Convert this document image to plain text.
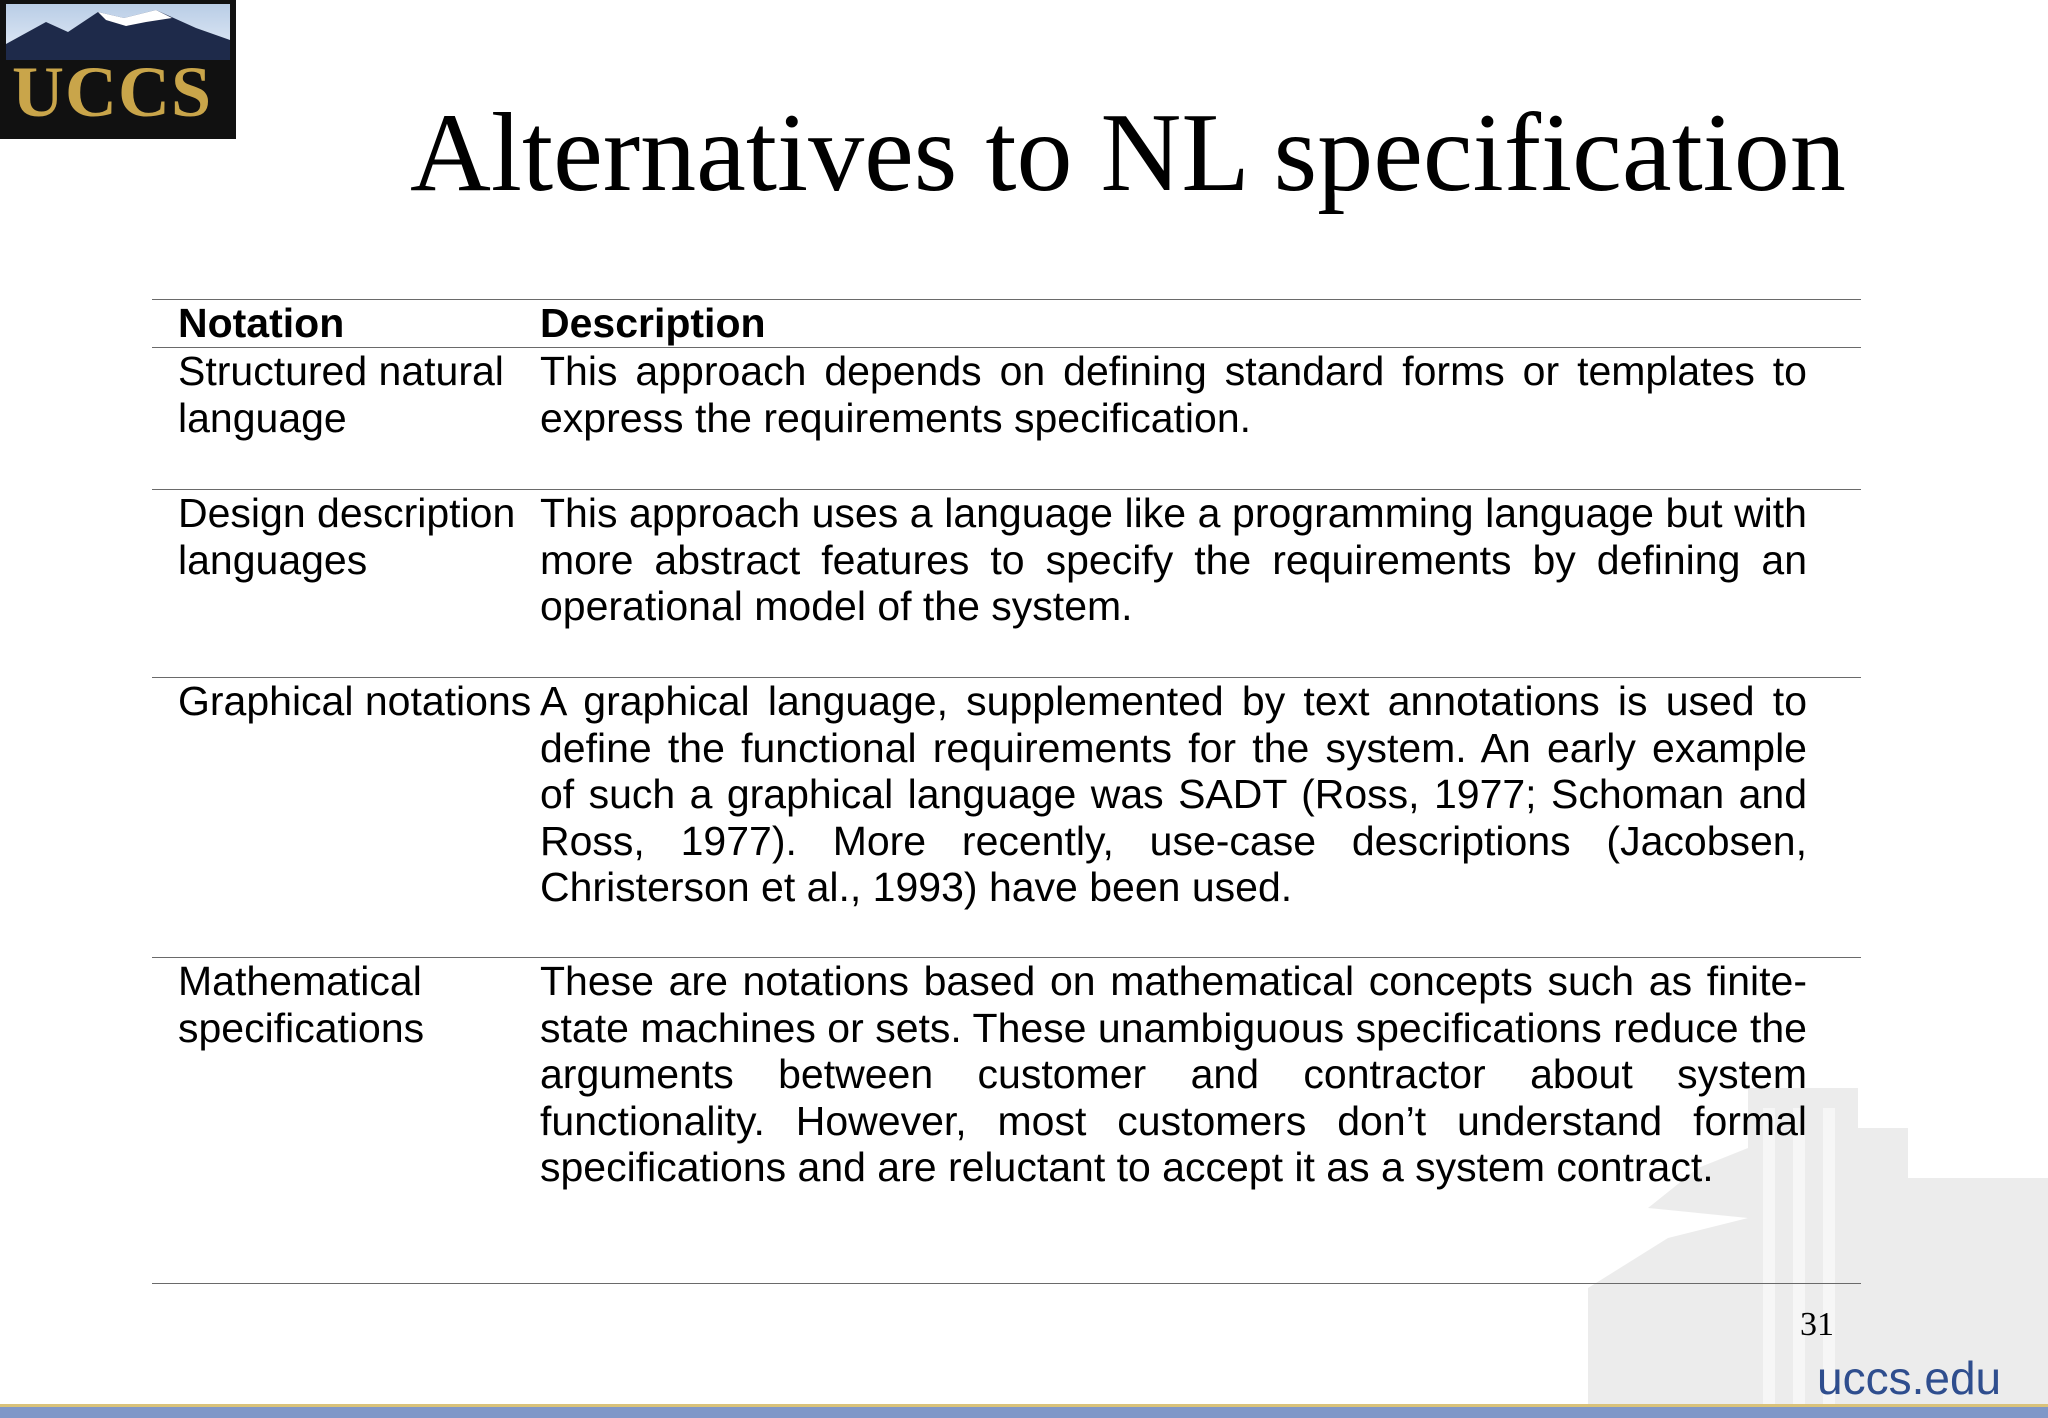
UCCS Alternatives to NL specification
uccs.edu
Notation	Description
Structured natural language
This approach depends on defining standard forms or templates to express the requirements specification.
Design description languages
This approach uses a language like a programming language but with more abstract features to specify the requirements by defining an operational model of the system.
Graphical notations A graphical language, supplemented by text annotations is used to define the functional requirements for the system. An early example of such a graphical language was SADT (Ross, 1977; Schoman and Ross, 1977). More recently, use-case descriptions (Jacobsen, Christerson et al., 1993) have been used.
Mathematical specifications
These are notations based on mathematical concepts such as finite-state machines or sets. These unambiguous specifications reduce the arguments between customer and contractor about system functionality. However, most customers don’t understand formal specifications and are reluctant to accept it as a system contract.
31
